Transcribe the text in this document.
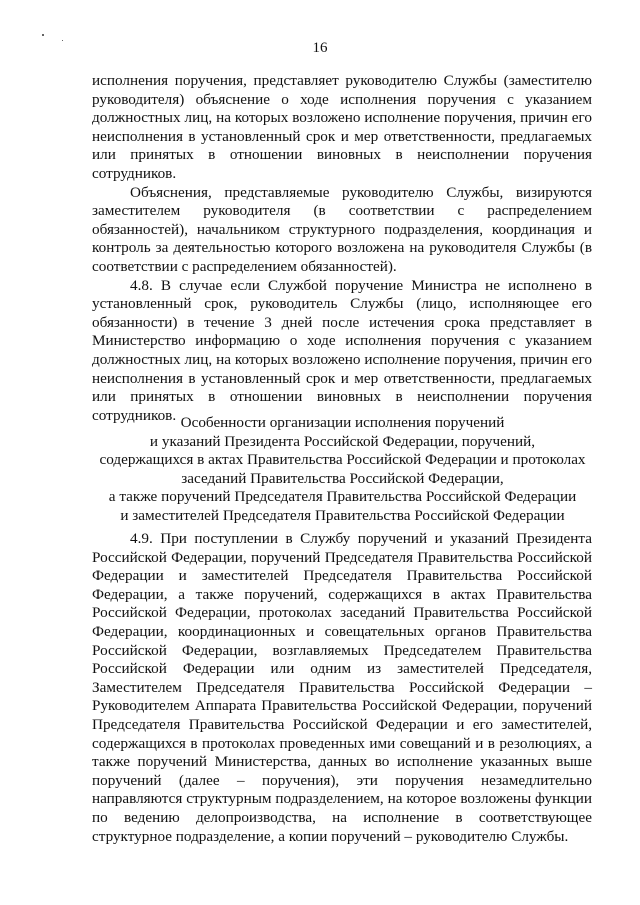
16

исполнения поручения, представляет руководителю Службы (заместителю руководителя) объяснение о ходе исполнения поручения с указанием должностных лиц, на которых возложено исполнение поручения, причин его неисполнения в установленный срок и мер ответственности, предлагаемых или принятых в отношении виновных в неисполнении поручения сотрудников.

Объяснения, представляемые руководителю Службы, визируются заместителем руководителя (в соответствии с распределением обязанностей), начальником структурного подразделения, координация и контроль за деятельностью которого возложена на руководителя Службы (в соответствии с распределением обязанностей).

4.8. В случае если Службой поручение Министра не исполнено в установленный срок, руководитель Службы (лицо, исполняющее его обязанности) в течение 3 дней после истечения срока представляет в Министерство информацию о ходе исполнения поручения с указанием должностных лиц, на которых возложено исполнение поручения, причин его неисполнения в установленный срок и мер ответственности, предлагаемых или принятых в отношении виновных в неисполнении поручения сотрудников. Особенности организации исполнения поручений
и указаний Президента Российской Федерации, поручений,
содержащихся в актах Правительства Российской Федерации и протоколах
заседаний Правительства Российской Федерации,
а также поручений Председателя Правительства Российской Федерации
и заместителей Председателя Правительства Российской Федерации

4.9. При поступлении в Службу поручений и указаний Президента Российской Федерации, поручений Председателя Правительства Российской Федерации и заместителей Председателя Правительства Российской Федерации, а также поручений, содержащихся в актах Правительства Российской Федерации, протоколах заседаний Правительства Российской Федерации, координационных и совещательных органов Правительства Российской Федерации, возглавляемых Председателем Правительства Российской Федерации или одним из заместителей Председателя, Заместителем Председателя Правительства Российской Федерации – Руководителем Аппарата Правительства Российской Федерации, поручений Председателя Правительства Российской Федерации и его заместителей, содержащихся в протоколах проведенных ими совещаний и в резолюциях, а также поручений Министерства, данных во исполнение указанных выше поручений (далее – поручения), эти поручения незамедлительно направляются структурным подразделением, на которое возложены функции по ведению делопроизводства, на исполнение в соответствующее структурное подразделение, а копии поручений – руководителю Службы.
